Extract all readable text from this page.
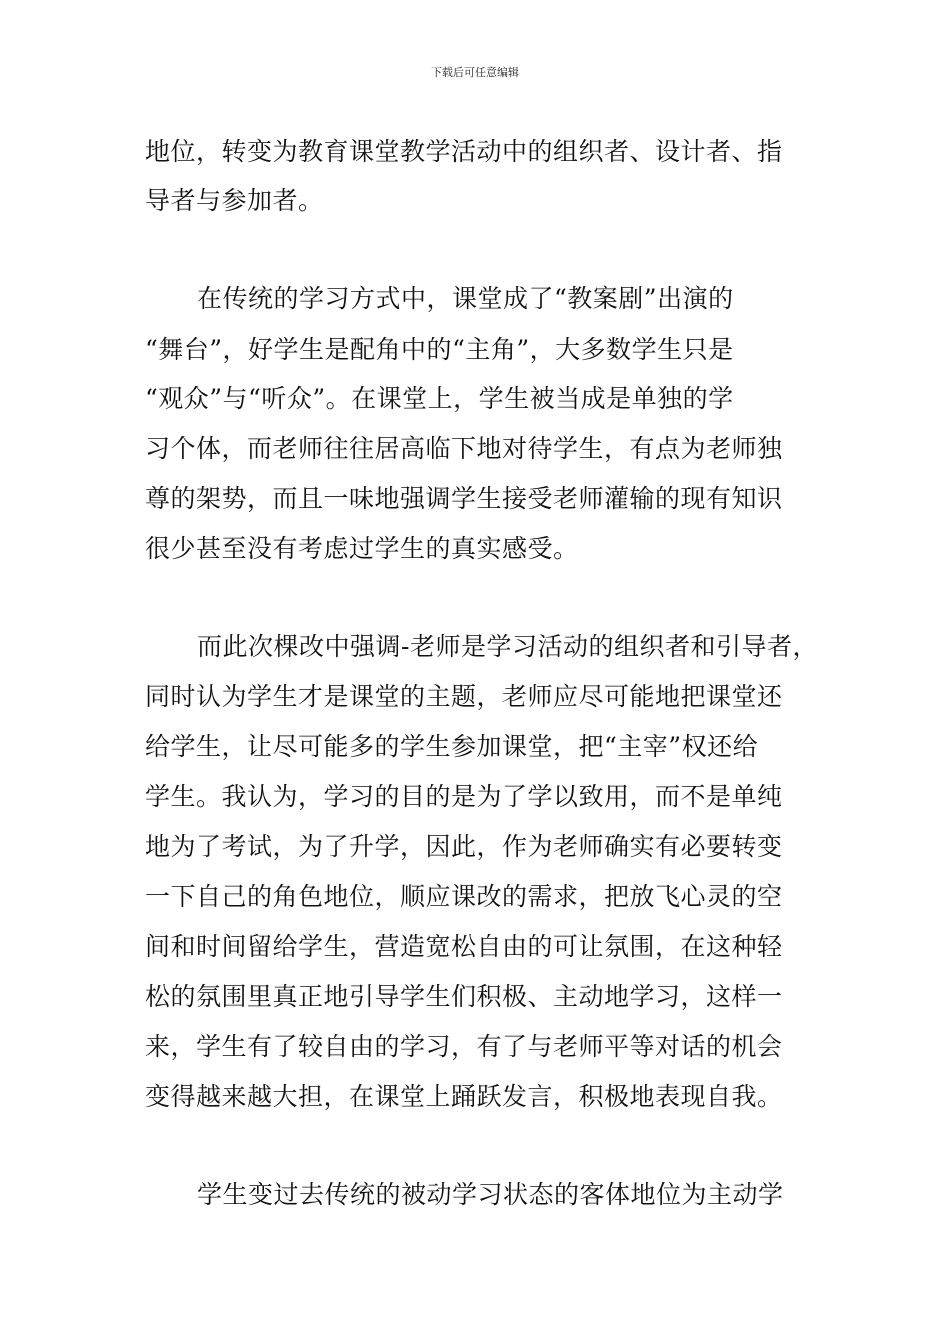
下载后可任意编辑
地位，转变为教育课堂教学活动中的组织者、设计者、指
导者与参加者。
在传统的学习方式中，课堂成了“教案剧”出演的
“舞台”，好学生是配角中的“主角”，大多数学生只是
“观众”与“听众”。在课堂上，学生被当成是单独的学
习个体，而老师往往居高临下地对待学生，有点为老师独
尊的架势，而且一味地强调学生接受老师灌输的现有知识
很少甚至没有考虑过学生的真实感受。
而此次棵改中强调-老师是学习活动的组织者和引导者，
同时认为学生才是课堂的主题，老师应尽可能地把课堂还
给学生，让尽可能多的学生参加课堂，把“主宰”权还给
学生。我认为，学习的目的是为了学以致用，而不是单纯
地为了考试，为了升学，因此，作为老师确实有必要转变
一下自己的角色地位，顺应课改的需求，把放飞心灵的空
间和时间留给学生，营造宽松自由的可让氛围，在这种轻
松的氛围里真正地引导学生们积极、主动地学习，这样一
来，学生有了较自由的学习，有了与老师平等对话的机会
变得越来越大担，在课堂上踊跃发言，积极地表现自我。
学生变过去传统的被动学习状态的客体地位为主动学
